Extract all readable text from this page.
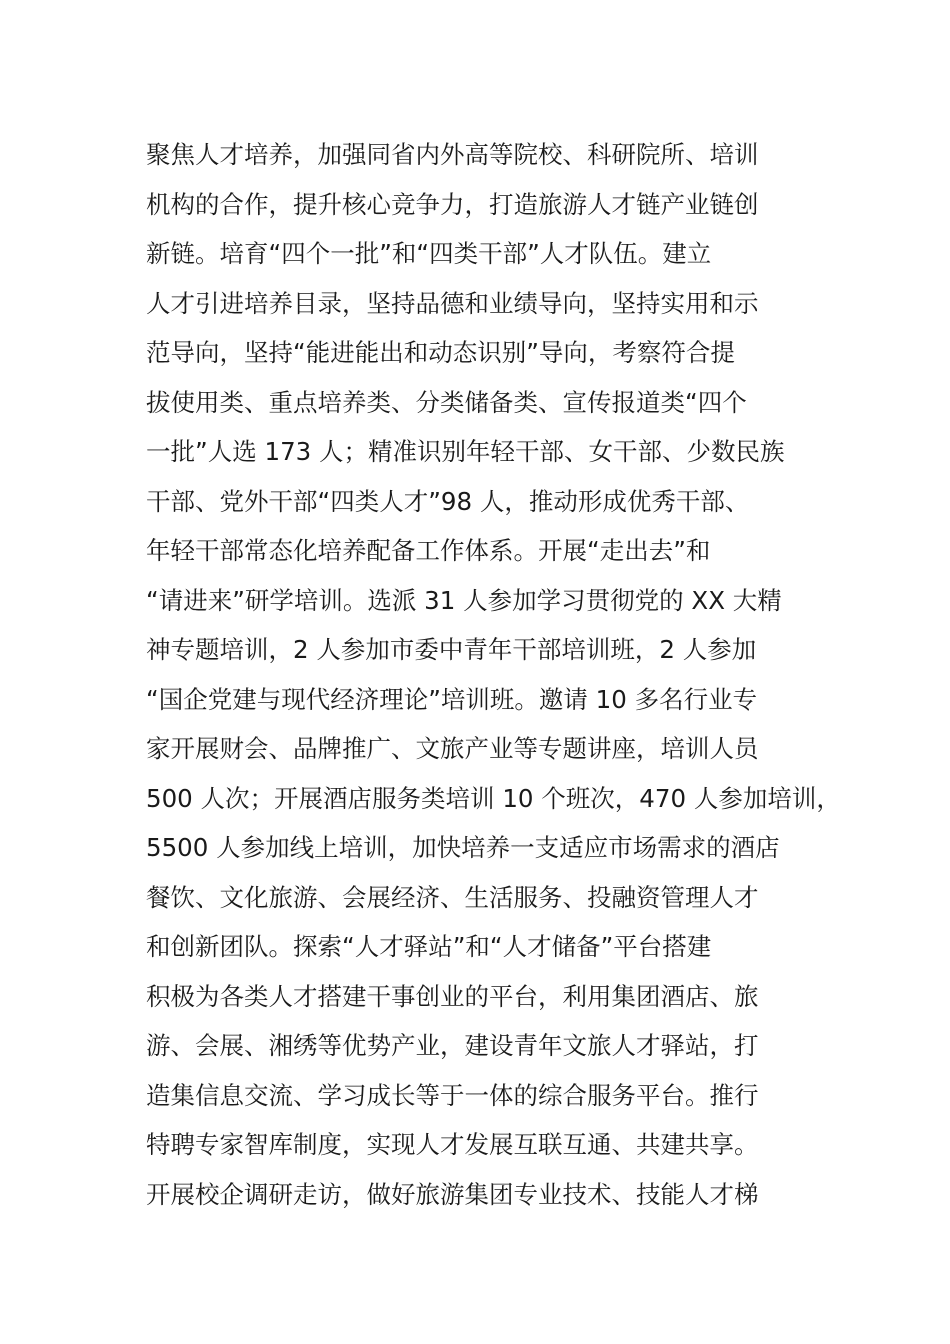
聚焦人才培养，加强同省内外高等院校、科研院所、培训
机构的合作，提升核心竞争力，打造旅游人才链产业链创
新链。培育“四个一批”和“四类干部”人才队伍。建立
人才引进培养目录，坚持品德和业绩导向，坚持实用和示
范导向，坚持“能进能出和动态识别”导向，考察符合提
拔使用类、重点培养类、分类储备类、宣传报道类“四个
一批”人选 173 人；精准识别年轻干部、女干部、少数民族
干部、党外干部“四类人才”98 人，推动形成优秀干部、
年轻干部常态化培养配备工作体系。开展“走出去”和
“请进来”研学培训。选派 31 人参加学习贯彻党的 XX 大精
神专题培训，2 人参加市委中青年干部培训班，2 人参加
“国企党建与现代经济理论”培训班。邀请 10 多名行业专
家开展财会、品牌推广、文旅产业等专题讲座，培训人员
500 人次；开展酒店服务类培训 10 个班次，470 人参加培训，
5500 人参加线上培训，加快培养一支适应市场需求的酒店
餐饮、文化旅游、会展经济、生活服务、投融资管理人才
和创新团队。探索“人才驿站”和“人才储备”平台搭建
积极为各类人才搭建干事创业的平台，利用集团酒店、旅
游、会展、湘绣等优势产业，建设青年文旅人才驿站，打
造集信息交流、学习成长等于一体的综合服务平台。推行
特聘专家智库制度，实现人才发展互联互通、共建共享。
开展校企调研走访，做好旅游集团专业技术、技能人才梯
